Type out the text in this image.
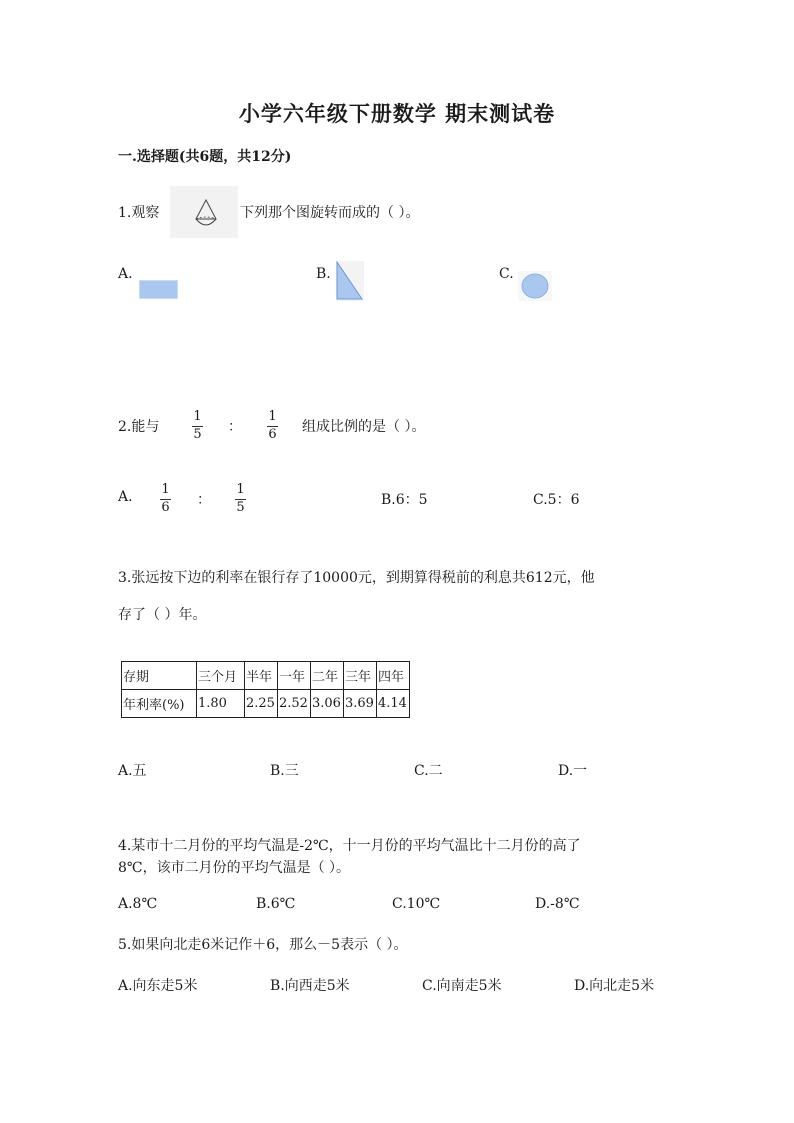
小学六年级下册数学 期末测试卷
一.选择题(共6题，共12分)
1.观察	下列那个图旋转而成的（ ）。
A.	B.	C.
2.能与
1
5 ：
1
6 组成比例的是（ ）。
A. 1
6 ：
1
5	B.6：5	C.5：6
3.张远按下边的利率在银行存了10000元，到期算得税前的利息共612元，他
存了（ ）年。
存期	三个月	半年	一年	二年	三年	四年
年利率(%)	1.80	2.25	2.52	3.06	3.69	4.14
A.五	B.三	C.二	D.一
4.某市十二月份的平均气温是-2℃，十一月份的平均气温比十二月份的高了
8℃，该市二月份的平均气温是（ ）。
A.8℃	B.6℃	C.10℃	D.-8℃
5.如果向北走6米记作＋6，那么－5表示（ ）。
A.向东走5米	B.向西走5米	C.向南走5米	D.向北走5米
